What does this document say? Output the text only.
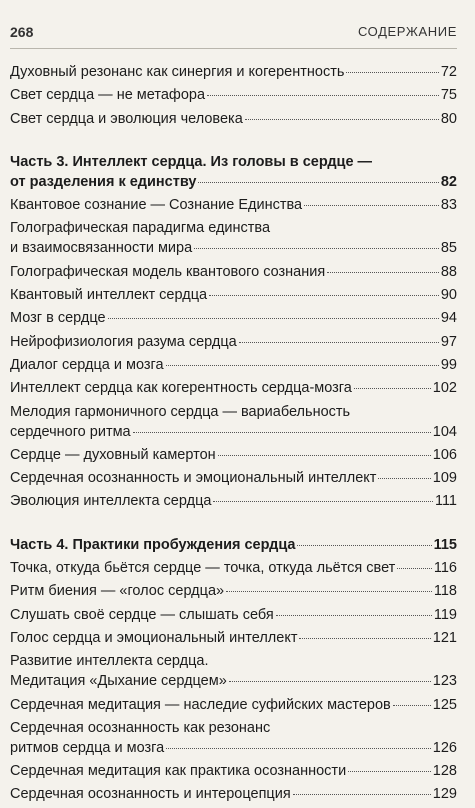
268	СОДЕРЖАНИЕ
Духовный резонанс как синергия и когерентность	72
Свет сердца — не метафора	75
Свет сердца и эволюция человека	80
Часть 3. Интеллект сердца. Из головы в сердце —
от разделения к единству	82
Квантовое сознание — Сознание Единства	83
Голографическая парадигма единства
и взаимосвязанности мира	85
Голографическая модель квантового сознания	88
Квантовый интеллект сердца	90
Мозг в сердце	94
Нейрофизиология разума сердца	97
Диалог сердца и мозга	99
Интеллект сердца как когерентность сердца-мозга	102
Мелодия гармоничного сердца — вариабельность
сердечного ритма	104
Сердце — духовный камертон	106
Сердечная осознанность и эмоциональный интеллект	109
Эволюция интеллекта сердца	111
Часть 4. Практики пробуждения сердца	115
Точка, откуда бьётся сердце — точка, откуда льётся свет	116
Ритм биения — «голос сердца»	118
Слушать своё сердце — слышать себя	119
Голос сердца и эмоциональный интеллект	121
Развитие интеллекта сердца.
Медитация «Дыхание сердцем»	123
Сердечная медитация — наследие суфийских мастеров	125
Сердечная осознанность как резонанс
ритмов сердца и мозга	126
Сердечная медитация как практика осознанности	128
Сердечная осознанность и интероцепция	129
